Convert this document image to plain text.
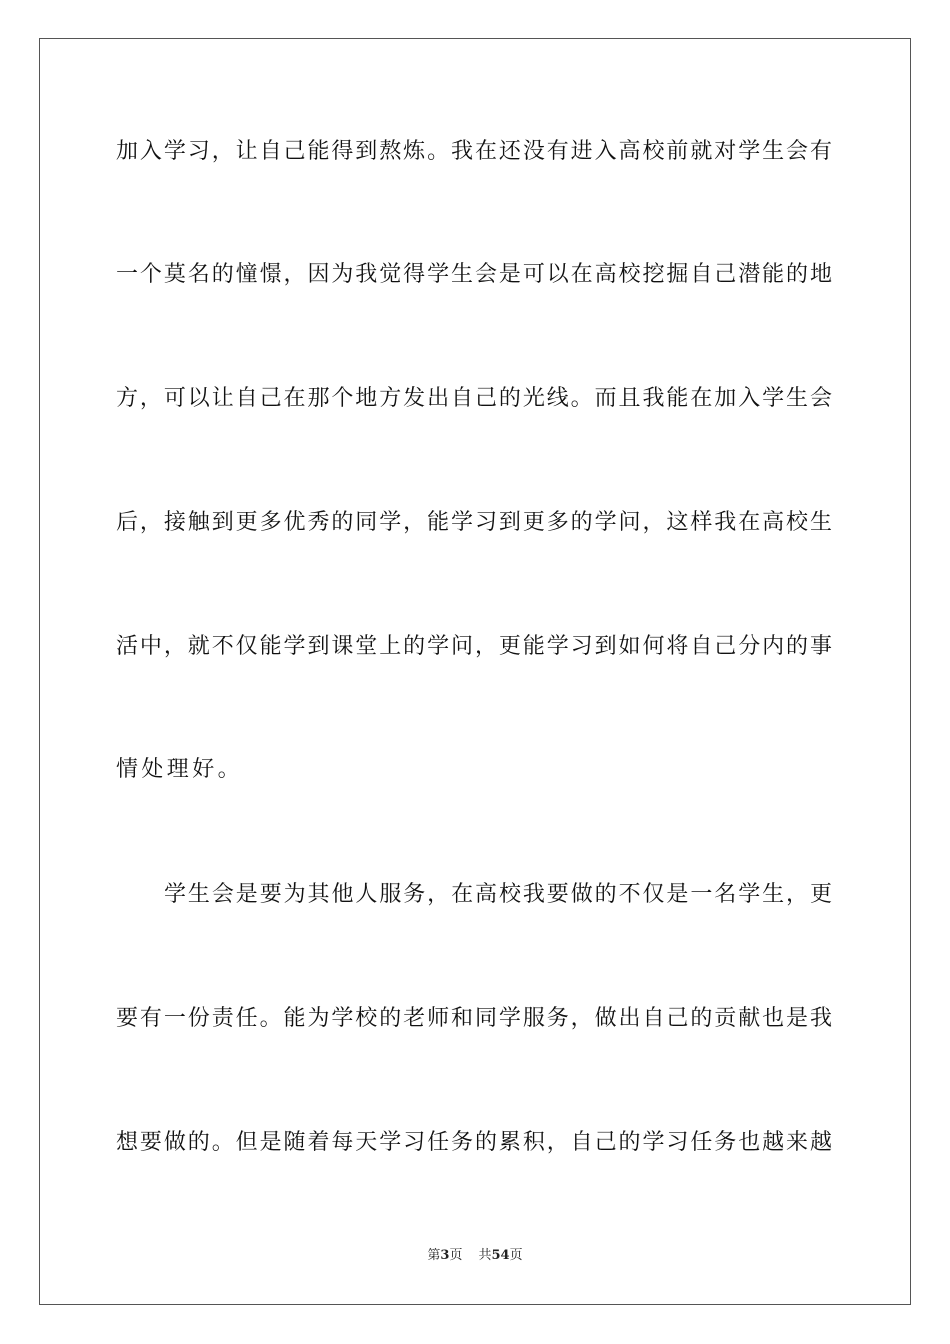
加入学习，让自己能得到熬炼。我在还没有进入高校前就对学生会有
一个莫名的憧憬，因为我觉得学生会是可以在高校挖掘自己潜能的地
方，可以让自己在那个地方发出自己的光线。而且我能在加入学生会
后，接触到更多优秀的同学，能学习到更多的学问，这样我在高校生
活中，就不仅能学到课堂上的学问，更能学习到如何将自己分内的事
情处理好。
学生会是要为其他人服务，在高校我要做的不仅是一名学生，更
要有一份责任。能为学校的老师和同学服务，做出自己的贡献也是我
想要做的。但是随着每天学习任务的累积，自己的学习任务也越来越
第3页 共54页
